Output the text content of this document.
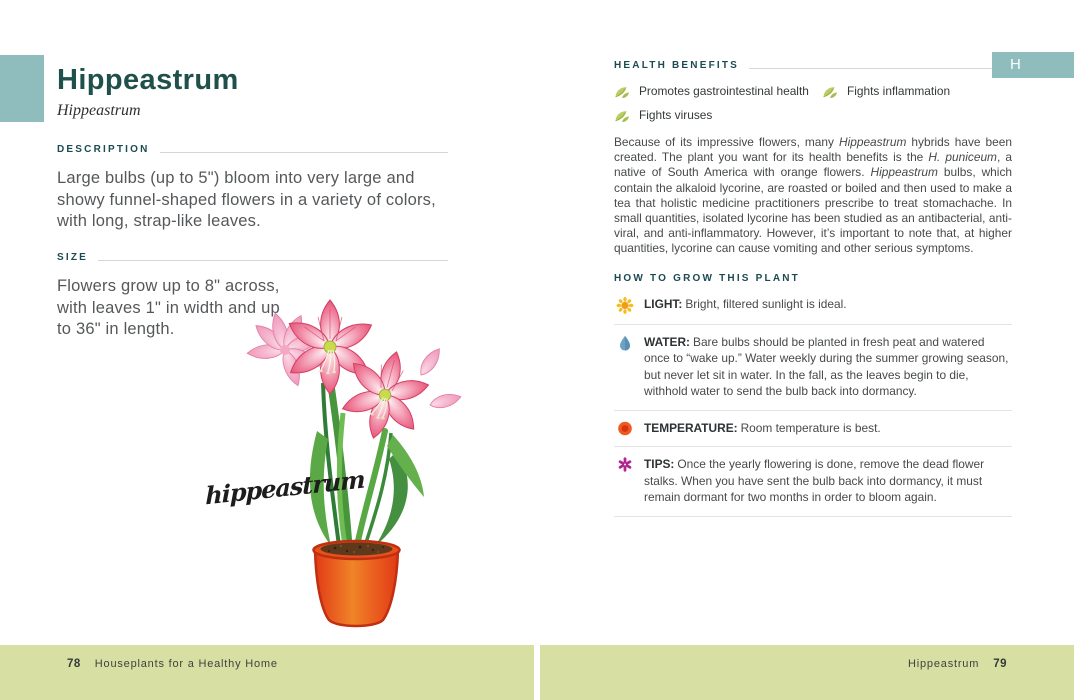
Hippeastrum
Hippeastrum
DESCRIPTION

Large bulbs (up to 5") bloom into very large and showy funnel-shaped flowers in a variety of colors, with long, strap-like leaves.

SIZE

Flowers grow up to 8" across, with leaves 1" in width and up to 36" in length.

hippeastrum
H
HEALTH BENEFITS
Promotes gastrointestinal health	Fights inflammation
Fights viruses

Because of its impressive flowers, many Hippeastrum hybrids have been created. The plant you want for its health benefits is the H. puniceum, a native of South America with orange flowers. Hippeastrum bulbs, which contain the alkaloid lycorine, are roasted or boiled and then used to make a tea that holistic medicine practitioners prescribe to treat stomachache. In small quantities, isolated lycorine has been studied as an antibacterial, anti-viral, and anti-inflammatory. However, it’s important to note that, at higher quantities, lycorine can cause vomiting and other serious symptoms.

HOW TO GROW THIS PLANT
LIGHT: Bright, filtered sunlight is ideal.
WATER: Bare bulbs should be planted in fresh peat and watered once to “wake up.” Water weekly during the summer growing season, but never let sit in water. In the fall, as the leaves begin to die, withhold water to send the bulb back into dormancy.
TEMPERATURE: Room temperature is best.
TIPS: Once the yearly flowering is done, remove the dead flower stalks. When you have sent the bulb back into dormancy, it must remain dormant for two months in order to bloom again.
78 Houseplants for a Healthy Home	Hippeastrum 79
